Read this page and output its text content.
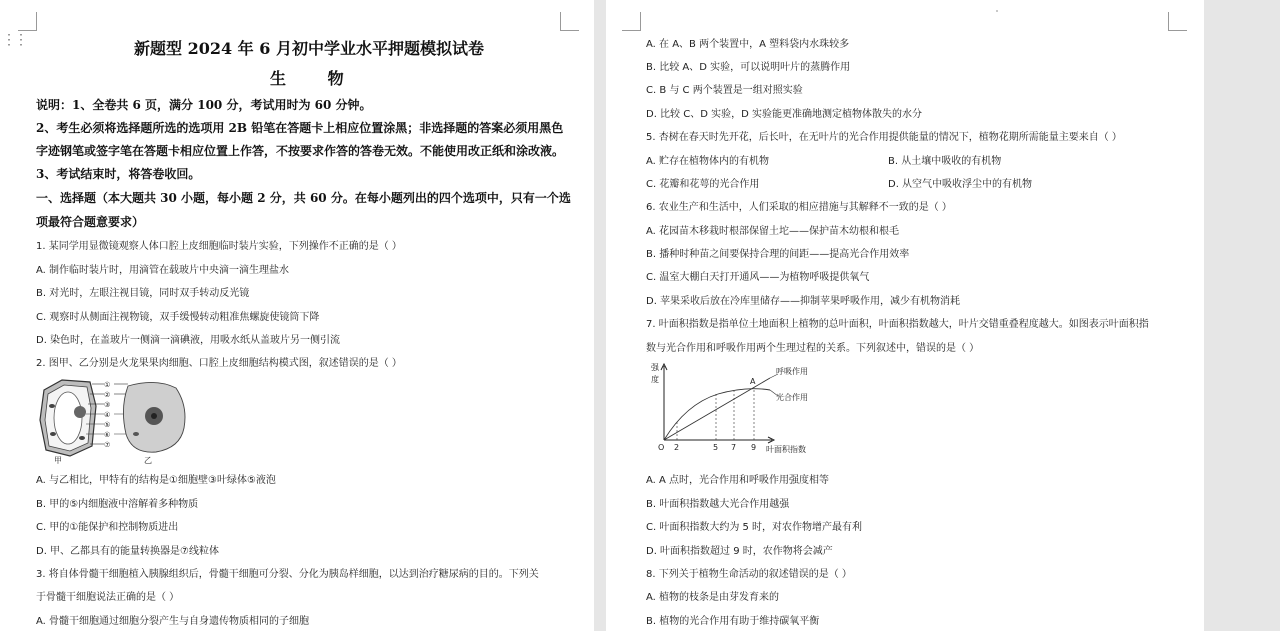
⋮⋮	新题型 2024 年 6 月初中学业水平押题模拟试卷
生 物
说明：1、全卷共 6 页，满分 100 分，考试用时为 60 分钟。
2、考生必须将选择题所选的选项用 2B 铅笔在答题卡上相应位置涂黑；非选择题的答案必须用黑色
字迹钢笔或签字笔在答题卡相应位置上作答，不按要求作答的答卷无效。不能使用改正纸和涂改液。
3、考试结束时，将答卷收回。
一、选择题（本大题共 30 小题，每小题 2 分，共 60 分。在每小题列出的四个选项中，只有一个选
项最符合题意要求）
1. 某同学用显微镜观察人体口腔上皮细胞临时装片实验，下列操作不正确的是（ ）
A. 制作临时装片时，用滴管在载玻片中央滴一滴生理盐水
B. 对光时，左眼注视目镜，同时双手转动反光镜
C. 观察时从侧面注视物镜，双手缓慢转动粗准焦螺旋使镜筒下降
D. 染色时，在盖玻片一侧滴一滴碘液，用吸水纸从盖玻片另一侧引流
2. 图甲、乙分别是火龙果果肉细胞、口腔上皮细胞结构模式图，叙述错误的是（ ）
①
②
③
④
⑤
⑥
⑦
甲	乙
A. 与乙相比，甲特有的结构是①细胞壁③叶绿体⑤液泡
B. 甲的⑤内细胞液中溶解着多种物质
C. 甲的①能保护和控制物质进出
D. 甲、乙都具有的能量转换器是⑦线粒体
3. 将自体骨髓干细胞植入胰腺组织后，骨髓干细胞可分裂、分化为胰岛样细胞，以达到治疗糖尿病的目的。下列关
于骨髓干细胞说法正确的是（ ）
A. 骨髓干细胞通过细胞分裂产生与自身遗传物质相同的子细胞
A. 在 A、B 两个装置中，A 塑料袋内水珠较多
B. 比较 A、D 实验，可以说明叶片的蒸腾作用
C. B 与 C 两个装置是一组对照实验
D. 比较 C、D 实验，D 实验能更准确地测定植物体散失的水分
5. 杏树在春天时先开花，后长叶，在无叶片的光合作用提供能量的情况下，植物花期所需能量主要来自（ ）
A. 贮存在植物体内的有机物	B. 从土壤中吸收的有机物
C. 花瓣和花萼的光合作用	D. 从空气中吸收浮尘中的有机物
6. 农业生产和生活中，人们采取的相应措施与其解释不一致的是（ ）
A. 花园苗木移栽时根部保留土坨——保护苗木幼根和根毛
B. 播种时种苗之间要保持合理的间距——提高光合作用效率
C. 温室大棚白天打开通风——为植物呼吸提供氧气
D. 苹果采收后放在冷库里储存——抑制苹果呼吸作用，减少有机物消耗
7. 叶面积指数是指单位土地面积上植物的总叶面积，叶面积指数越大，叶片交错重叠程度越大。如图表示叶面积指
数与光合作用和呼吸作用两个生理过程的关系。下列叙述中，错误的是（ ）
强
度
O 2	5 7 9
A
呼吸作用
光合作用
叶面积指数
A. A 点时，光合作用和呼吸作用强度相等
B. 叶面积指数越大光合作用越强
C. 叶面积指数大约为 5 时，对农作物增产最有利
D. 叶面积指数超过 9 时，农作物将会减产
8. 下列关于植物生命活动的叙述错误的是（ ）
A. 植物的枝条是由芽发育来的
B. 植物的光合作用有助于维持碳氧平衡
